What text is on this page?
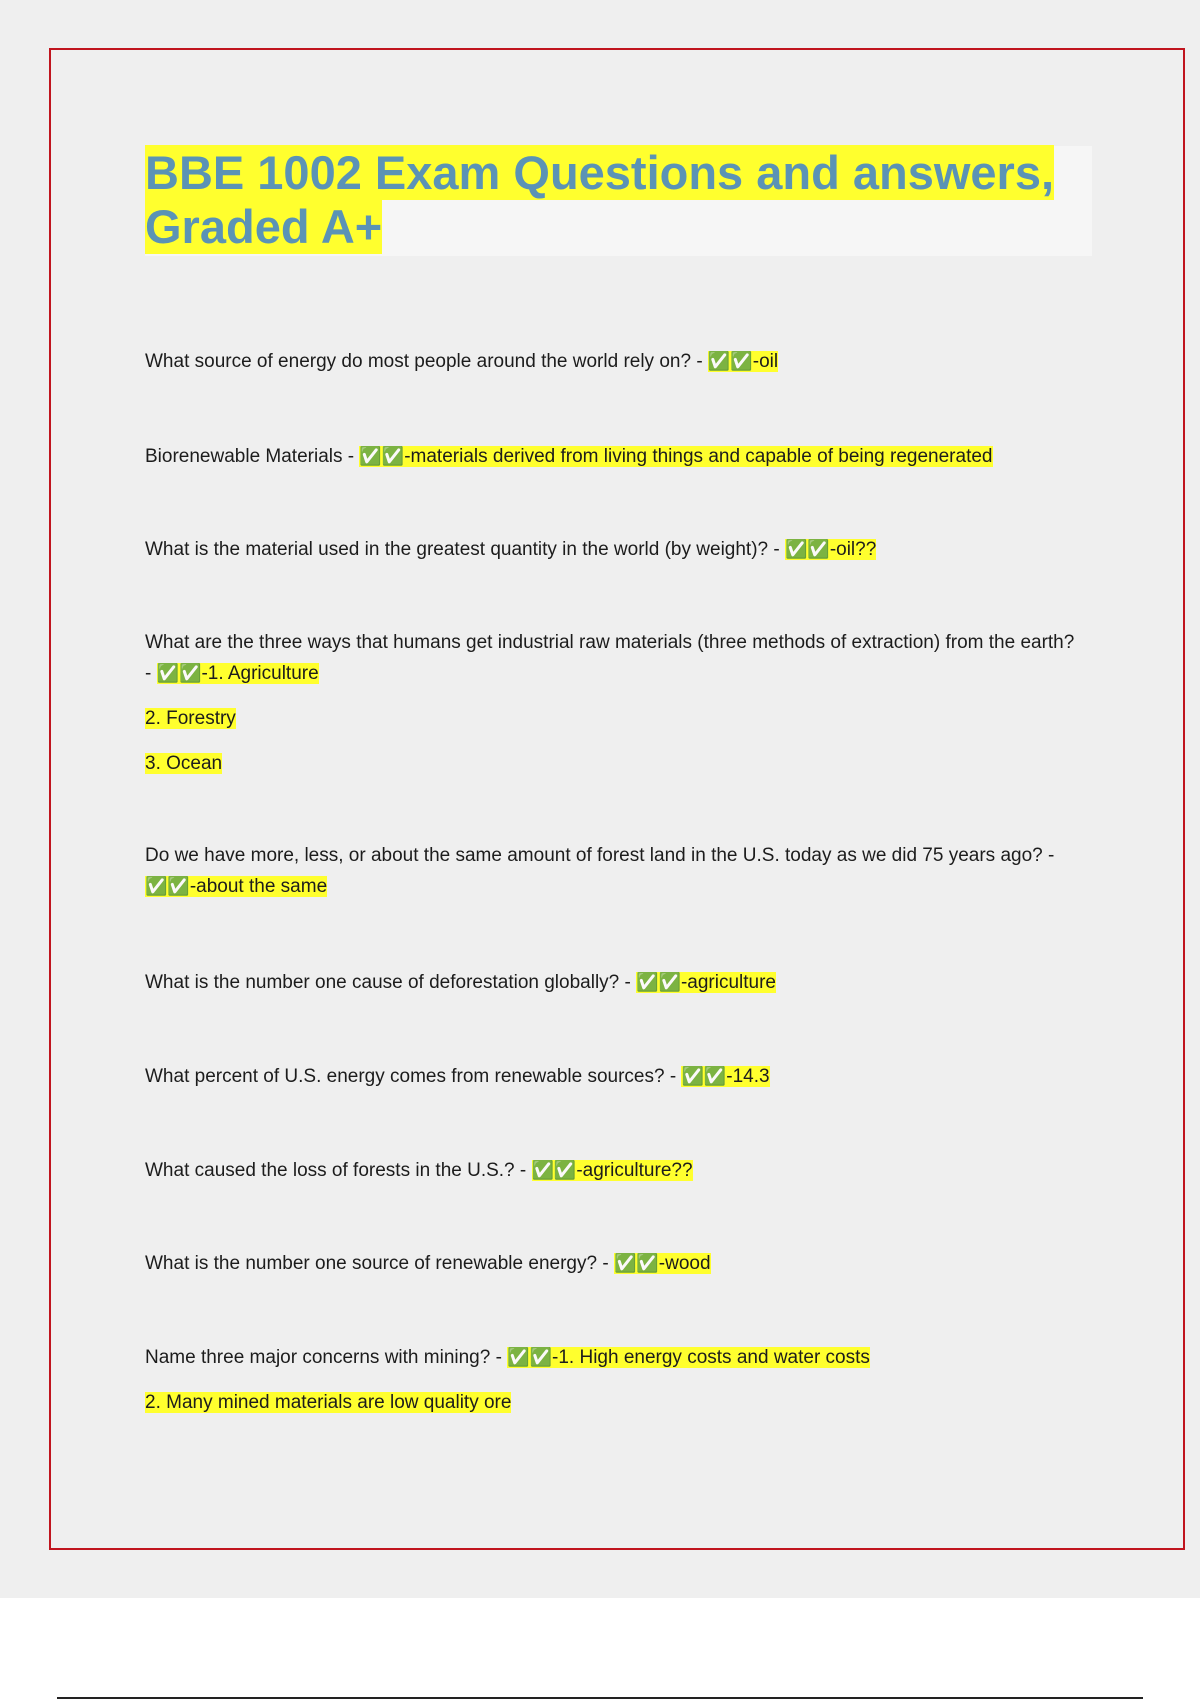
BBE 1002 Exam Questions and answers,
Graded A+

What source of energy do most people around the world rely on? - ✅✅-oil

Biorenewable Materials - ✅✅-materials derived from living things and capable of being regenerated

What is the material used in the greatest quantity in the world (by weight)? - ✅✅-oil??

What are the three ways that humans get industrial raw materials (three methods of extraction) from the earth? - ✅✅-1. Agriculture

2. Forestry

3. Ocean

Do we have more, less, or about the same amount of forest land in the U.S. today as we did 75 years ago? - ✅✅-about the same

What is the number one cause of deforestation globally? - ✅✅-agriculture

What percent of U.S. energy comes from renewable sources? - ✅✅-14.3

What caused the loss of forests in the U.S.? - ✅✅-agriculture??

What is the number one source of renewable energy? - ✅✅-wood

Name three major concerns with mining? - ✅✅-1. High energy costs and water costs

2. Many mined materials are low quality ore
